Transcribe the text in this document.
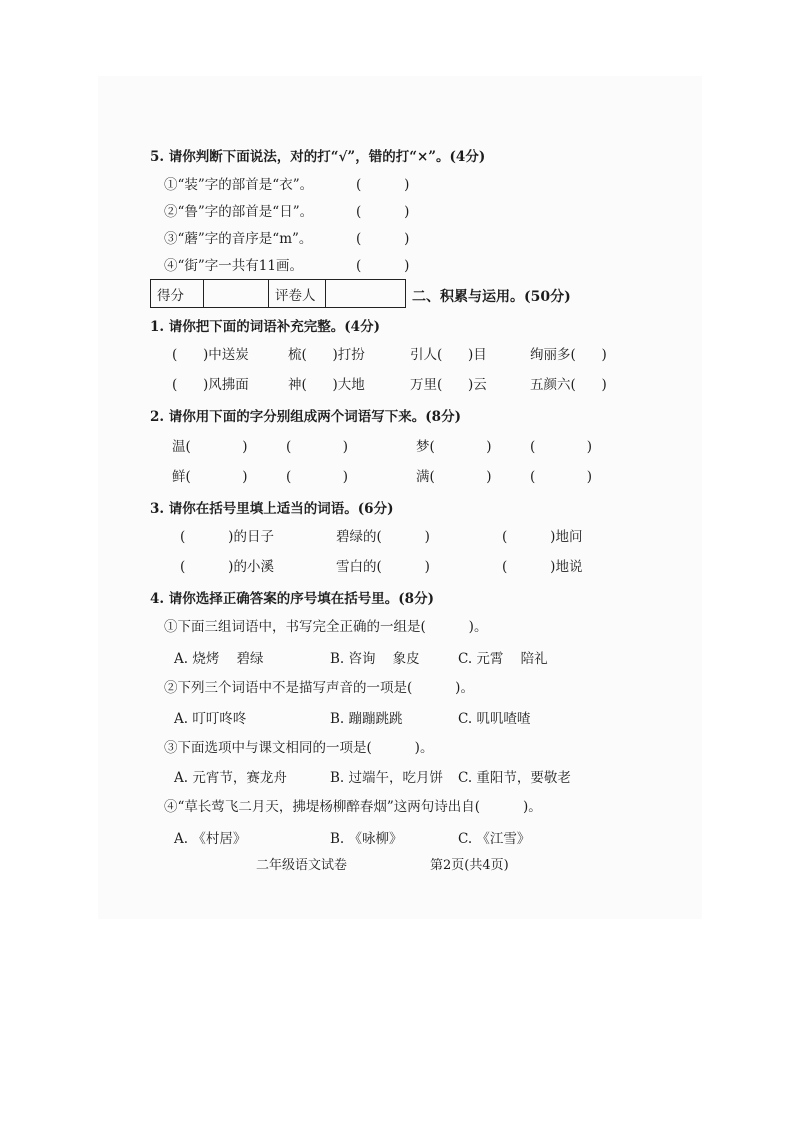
5. 请你判断下面说法，对的打“√”，错的打“×”。(4分)
①“装”字的部首是“衣”。	(          )
②“鲁”字的部首是“日”。	(          )
③“蘑”字的音序是“m”。	(          )
④“街”字一共有11画。	(          )
得分		评卷人		二、积累与运用。(50分)
1. 请你把下面的词语补充完整。(4分)
(      )中送炭	梳(      )打扮	引人(      )目	绚丽多(      )
(      )风拂面	神(      )大地	万里(      )云	五颜六(      )
2. 请你用下面的字分别组成两个词语写下来。(8分)
温(            )	(            )	梦(            )	(            )
鲜(            )	(            )	满(            )	(            )
3. 请你在括号里填上适当的词语。(6分)
(          )的日子	碧绿的(          )	(          )地问
(          )的小溪	雪白的(          )	(          )地说
4. 请你选择正确答案的序号填在括号里。(8分)
①下面三组词语中，书写完全正确的一组是(          )。
A. 烧烤    碧绿	B. 咨询    象皮	C. 元霄    陪礼
②下列三个词语中不是描写声音的一项是(          )。
A. 叮叮咚咚	B. 蹦蹦跳跳	C. 叽叽喳喳
③下面选项中与课文相同的一项是(          )。
A. 元宵节，赛龙舟	B. 过端午，吃月饼 C. 重阳节，要敬老
④“草长莺飞二月天，拂堤杨柳醉春烟”这两句诗出自(          )。
A. 《村居》	B. 《咏柳》	C. 《江雪》
二年级语文试卷	第2页(共4页)
